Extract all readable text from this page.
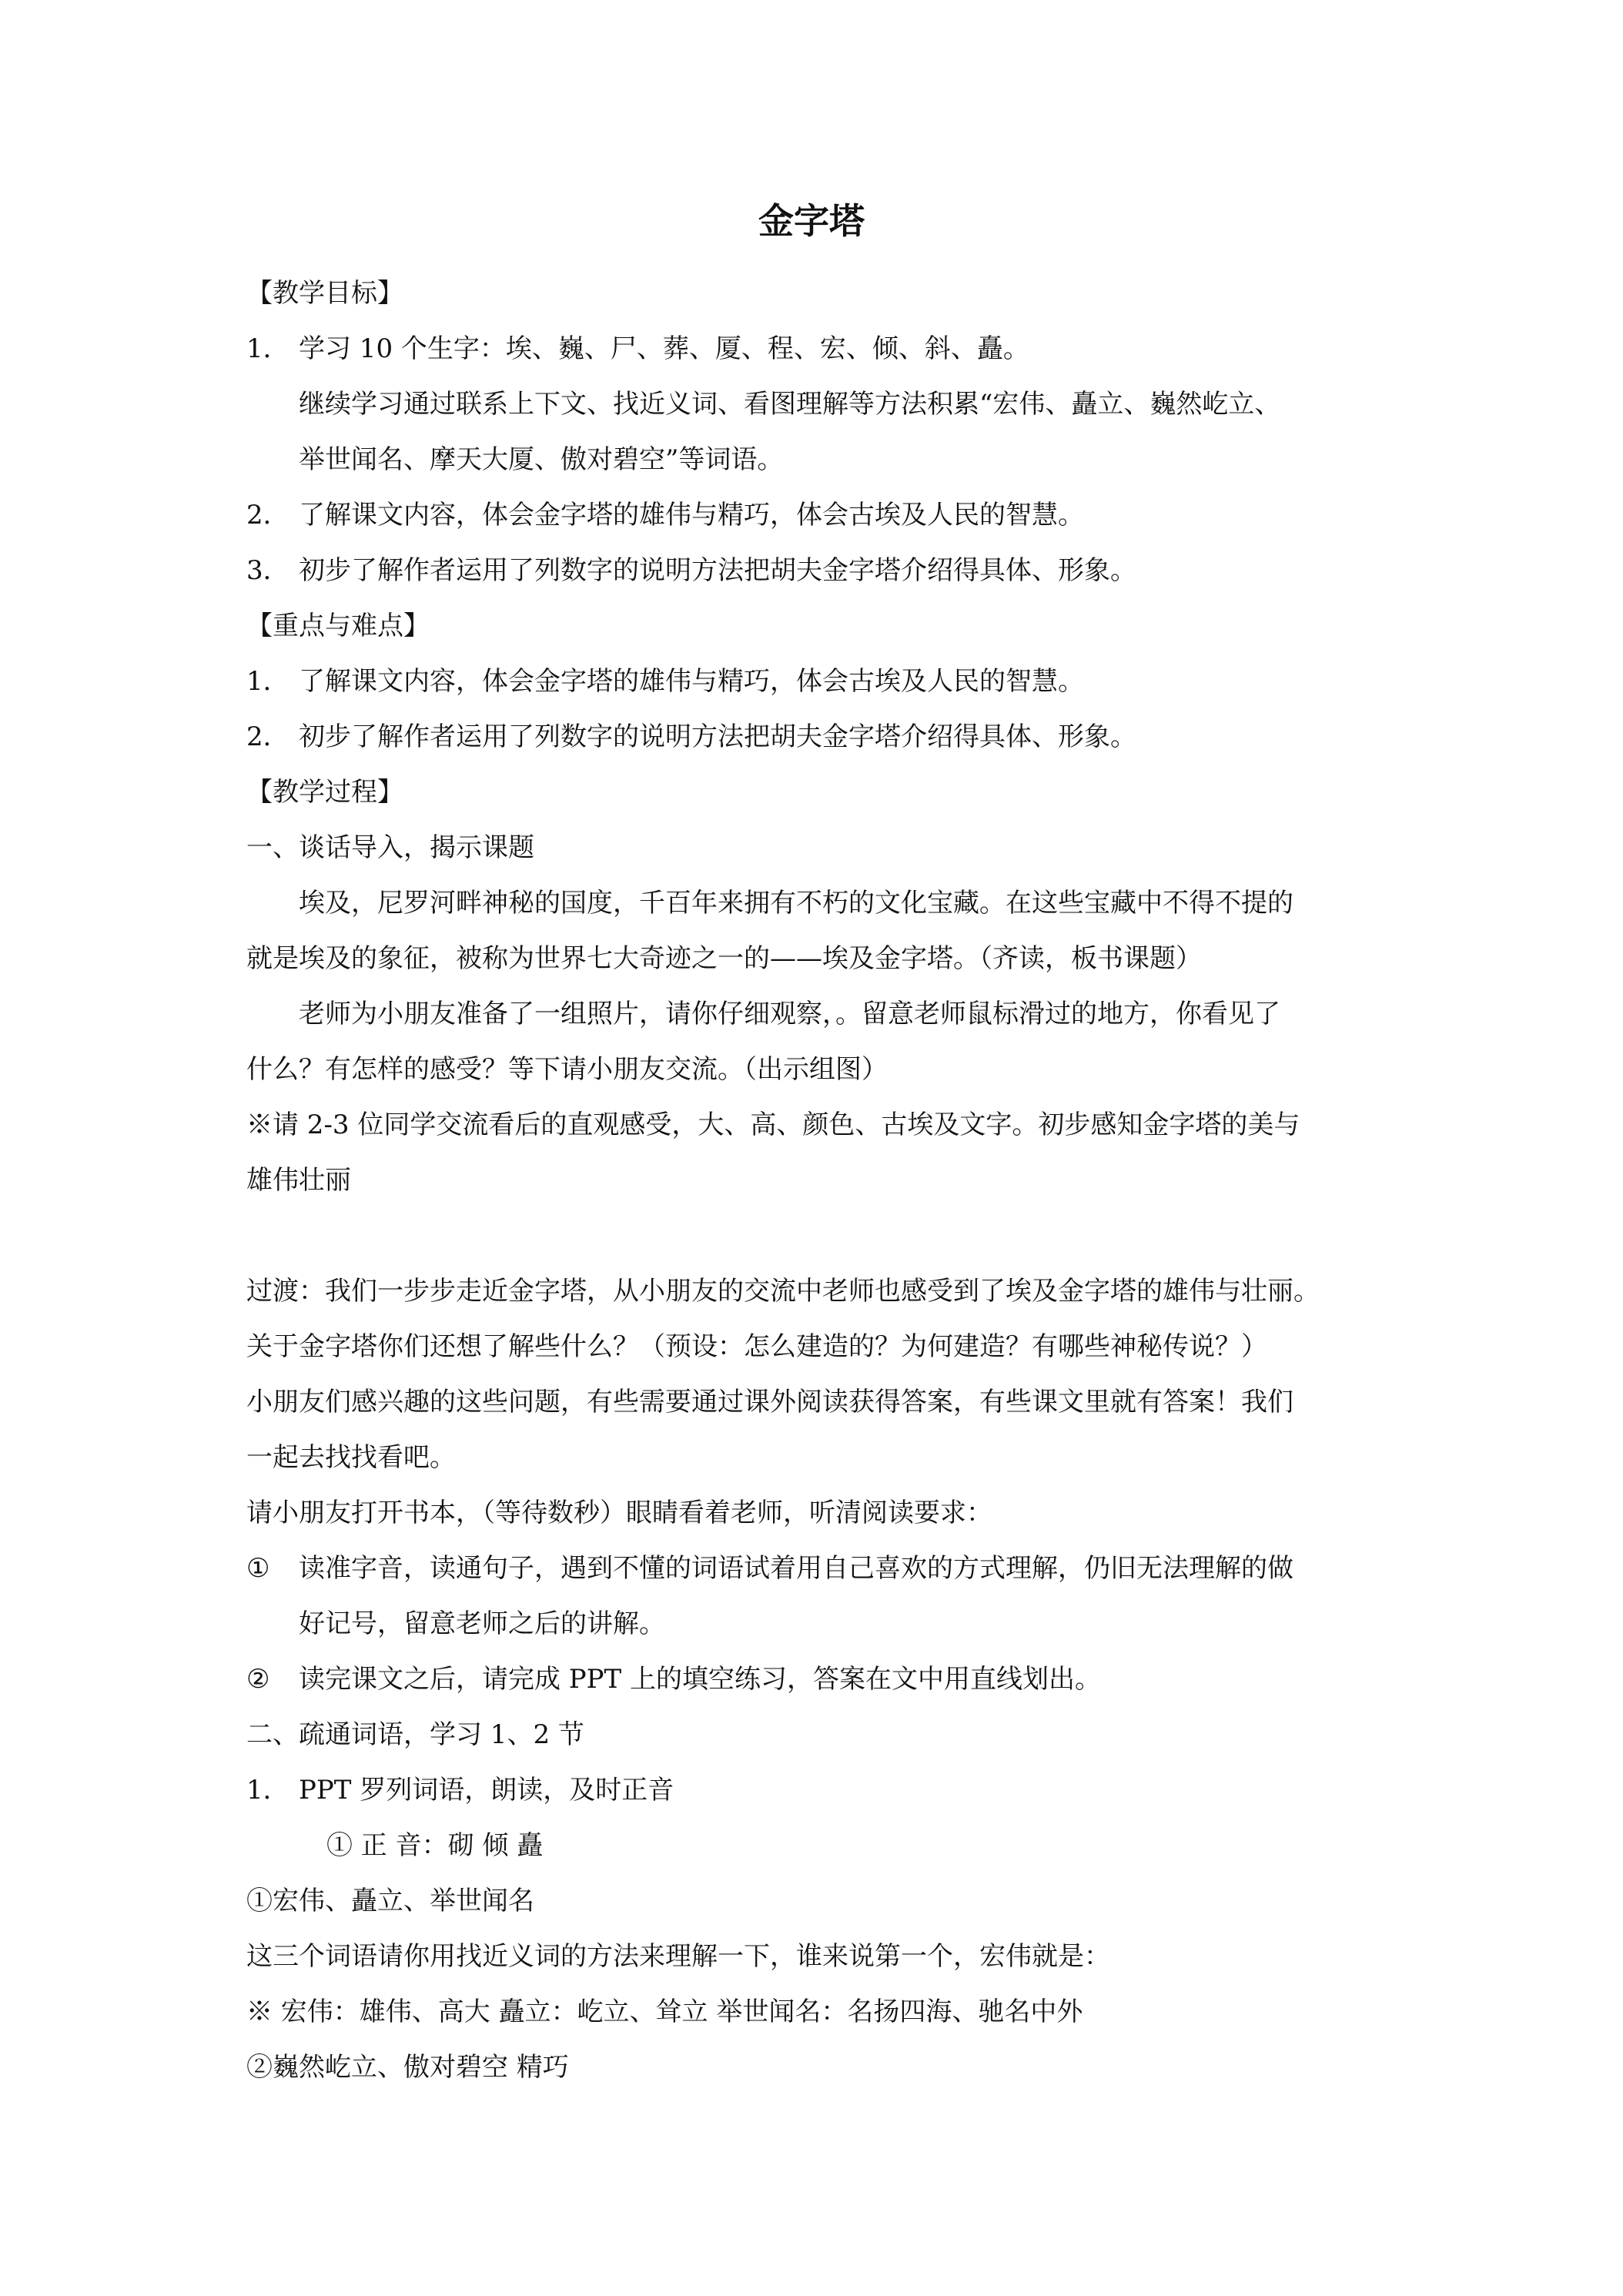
金字塔
【教学目标】
1． 学习 10 个生字：埃、巍、尸、葬、厦、程、宏、倾、斜、矗。
继续学习通过联系上下文、找近义词、看图理解等方法积累“宏伟、矗立、巍然屹立、
举世闻名、摩天大厦、傲对碧空”等词语。
2． 了解课文内容，体会金字塔的雄伟与精巧，体会古埃及人民的智慧。
3． 初步了解作者运用了列数字的说明方法把胡夫金字塔介绍得具体、形象。
【重点与难点】
1． 了解课文内容，体会金字塔的雄伟与精巧，体会古埃及人民的智慧。
2． 初步了解作者运用了列数字的说明方法把胡夫金字塔介绍得具体、形象。
【教学过程】
一、谈话导入，揭示课题
埃及，尼罗河畔神秘的国度，千百年来拥有不朽的文化宝藏。在这些宝藏中不得不提的
就是埃及的象征，被称为世界七大奇迹之一的——埃及金字塔。（齐读，板书课题）
老师为小朋友准备了一组照片，请你仔细观察，。留意老师鼠标滑过的地方，你看见了
什么？有怎样的感受？等下请小朋友交流。（出示组图）
※请 2-3 位同学交流看后的直观感受，大、高、颜色、古埃及文字。初步感知金字塔的美与
雄伟壮丽
过渡：我们一步步走近金字塔，从小朋友的交流中老师也感受到了埃及金字塔的雄伟与壮丽。
关于金字塔你们还想了解些什么？（预设：怎么建造的？为何建造？有哪些神秘传说？）
小朋友们感兴趣的这些问题，有些需要通过课外阅读获得答案，有些课文里就有答案！我们
一起去找找看吧。
请小朋友打开书本，（等待数秒）眼睛看着老师，听清阅读要求：
① 读准字音，读通句子，遇到不懂的词语试着用自己喜欢的方式理解，仍旧无法理解的做
好记号，留意老师之后的讲解。
② 读完课文之后，请完成 PPT 上的填空练习，答案在文中用直线划出。
二、疏通词语，学习 1、2 节
1． PPT 罗列词语，朗读，及时正音
① 正 音：砌 倾 矗
①宏伟、矗立、举世闻名
这三个词语请你用找近义词的方法来理解一下，谁来说第一个，宏伟就是：
※ 宏伟：雄伟、高大 矗立：屹立、耸立 举世闻名：名扬四海、驰名中外
②巍然屹立、傲对碧空 精巧
